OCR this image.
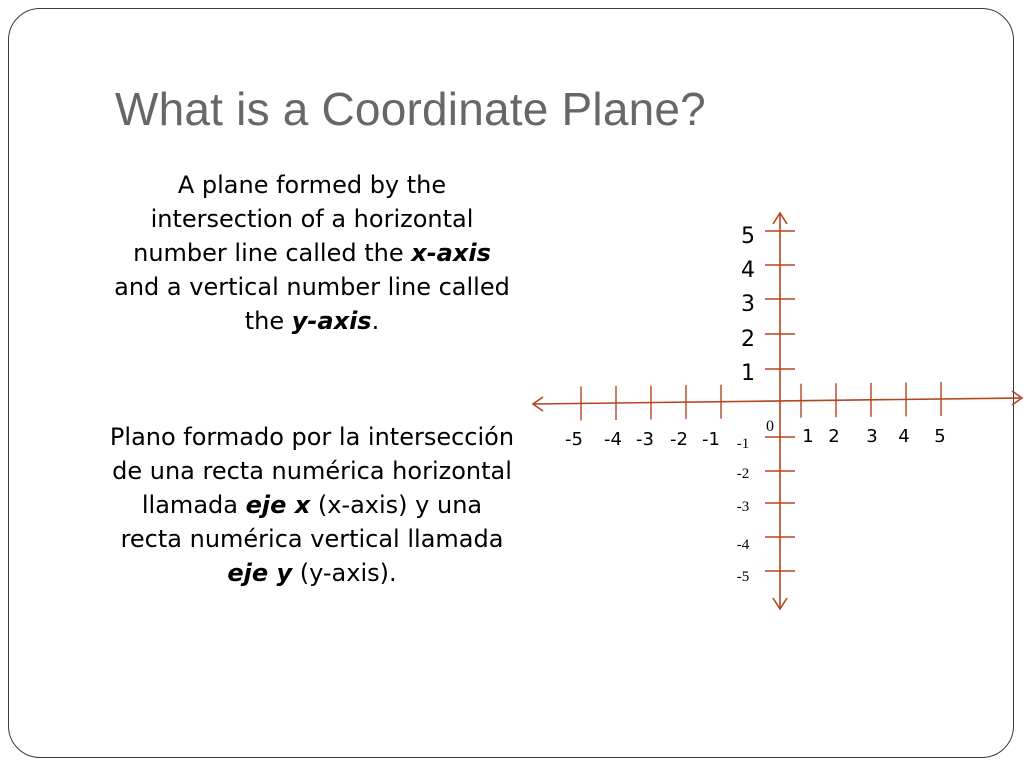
What is a Coordinate Plane?

A plane formed by the intersection of a horizontal number line called the x-axis and a vertical number line called the y-axis.

Plano formado por la intersección de una recta numérica horizontal llamada eje x (x-axis) y una recta numérica vertical llamada eje y (y-axis).

0
-5 -4 -3 -2 -1	1 2 3 4 5
5
4
3
2
1
-1
-2
-3
-4
-5
